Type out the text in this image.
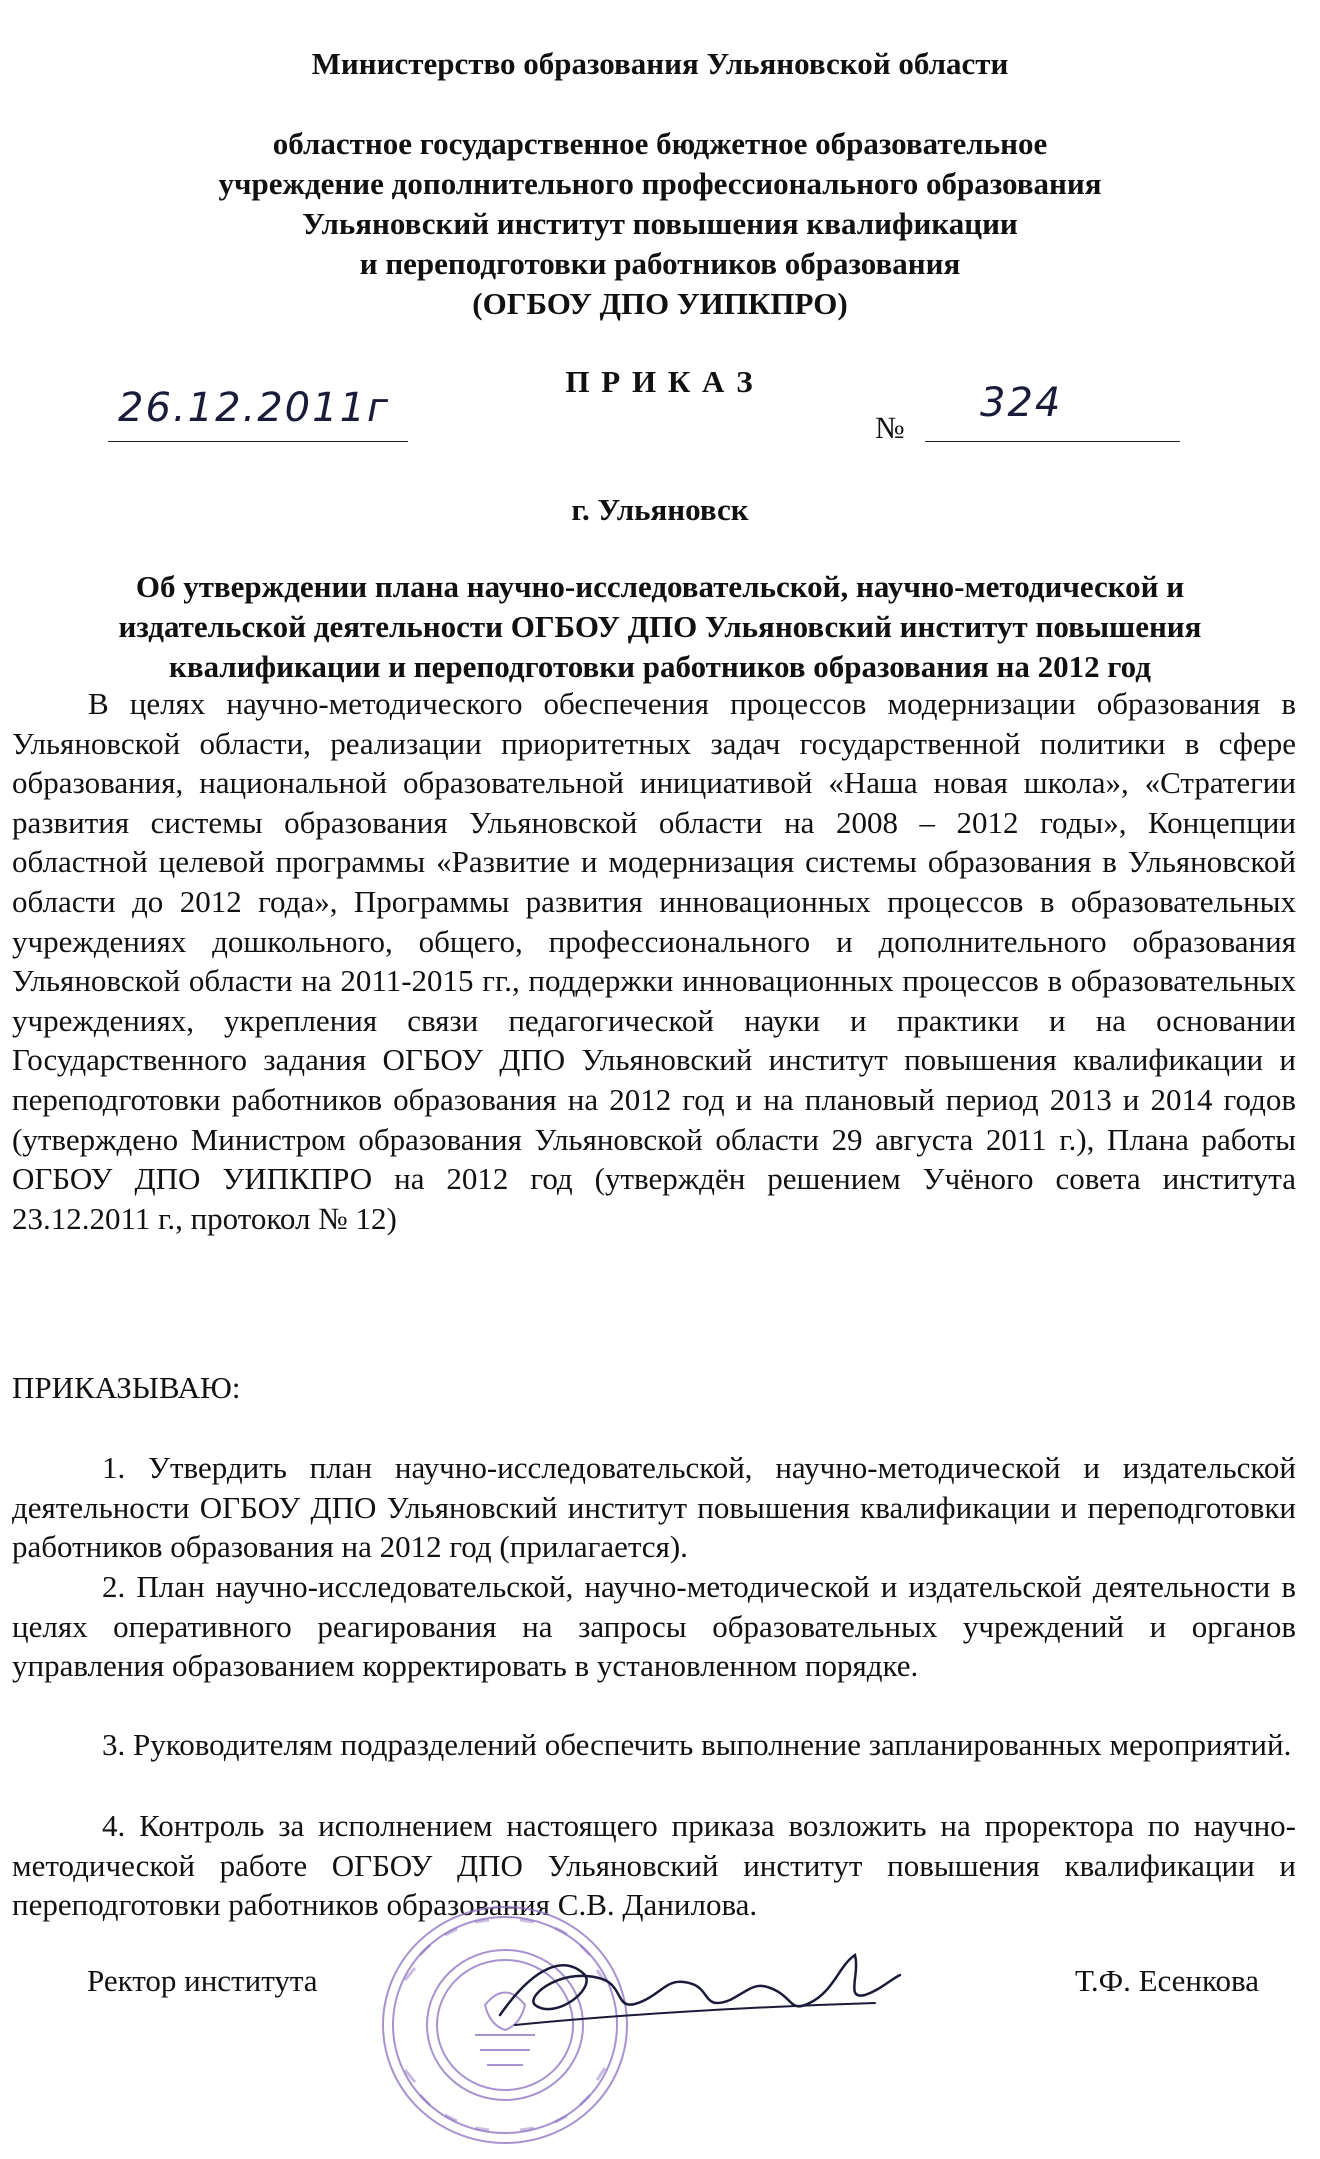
Министерство образования Ульяновской области

областное государственное бюджетное образовательное
учреждение дополнительного профессионального образования
Ульяновский институт повышения квалификации
и переподготовки работников образования
(ОГБОУ ДПО УИПКПРО)

П Р И К А З

26.12.2011г	№
324

г. Ульяновск

Об утверждении плана научно-исследовательской, научно-методической и
издательской деятельности ОГБОУ ДПО Ульяновский институт повышения
квалификации и переподготовки работников образования на 2012 год

В целях научно-методического обеспечения процессов модернизации образования в Ульяновской области, реализации приоритетных задач государственной политики в сфере образования, национальной образовательной инициативой «Наша новая школа», «Стратегии развития системы образования Ульяновской области на 2008 – 2012 годы», Концепции областной целевой программы «Развитие и модернизация системы образования в Ульяновской области до 2012 года», Программы развития инновационных процессов в образовательных учреждениях дошкольного, общего, профессионального и дополнительного образования Ульяновской области на 2011-2015 гг., поддержки инновационных процессов в образовательных учреждениях, укрепления связи педагогической науки и практики и на основании Государственного задания ОГБОУ ДПО Ульяновский институт повышения квалификации и переподготовки работников образования на 2012 год и на плановый период 2013 и 2014 годов (утверждено Министром образования Ульяновской области 29 августа 2011 г.), Плана работы ОГБОУ ДПО УИПКПРО на 2012 год (утверждён решением Учёного совета института 23.12.2011 г., протокол № 12)

ПРИКАЗЫВАЮ:

1. Утвердить план научно-исследовательской, научно-методической и издательской деятельности ОГБОУ ДПО Ульяновский институт повышения квалификации и переподготовки работников образования на 2012 год (прилагается).

2. План научно-исследовательской, научно-методической и издательской деятельности в целях оперативного реагирования на запросы образовательных учреждений и органов управления образованием корректировать в установленном порядке.

3. Руководителям подразделений обеспечить выполнение запланированных мероприятий.

4. Контроль за исполнением настоящего приказа возложить на проректора по научно-методической работе ОГБОУ ДПО Ульяновский институт повышения квалификации и переподготовки работников образования С.В. Данилова.

Ректор института	Т.Ф. Есенкова
